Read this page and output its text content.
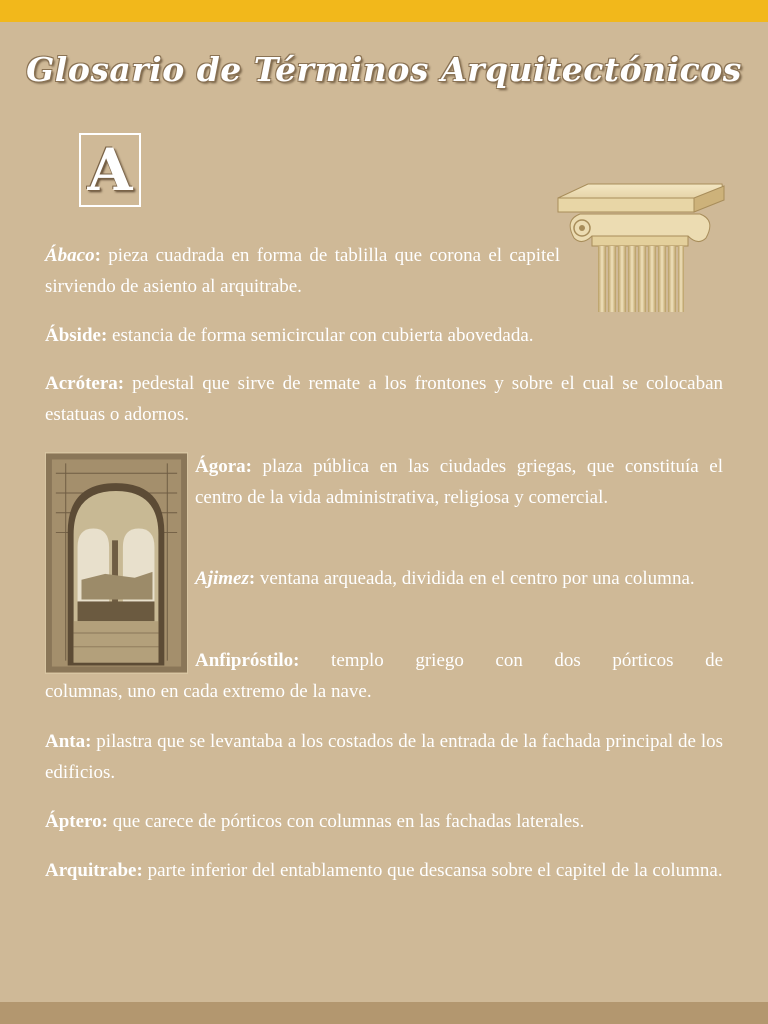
Glosario de Términos Arquitectónicos
A

Ábaco: pieza cuadrada en forma de tablilla que corona el capitel sirviendo de asiento al arquitrabe.

Ábside: estancia de forma semicircular con cubierta abovedada.

Acrótera: pedestal que sirve de remate a los frontones y sobre el cual se colocaban estatuas o adornos.

Ágora: plaza pública en las ciudades griegas, que constituía el centro de la vida administrativa, religiosa y comercial.

Ajimez: ventana arqueada, dividida en el centro por una columna.

Anfipróstilo: templo griego con dos pórticos de

columnas, uno en cada extremo de la nave.

Anta: pilastra que se levantaba a los costados de la entrada de la fachada principal de los edificios.

Áptero: que carece de pórticos con columnas en las fachadas laterales.

Arquitrabe: parte inferior del entablamento que descansa sobre el capitel de la columna.
